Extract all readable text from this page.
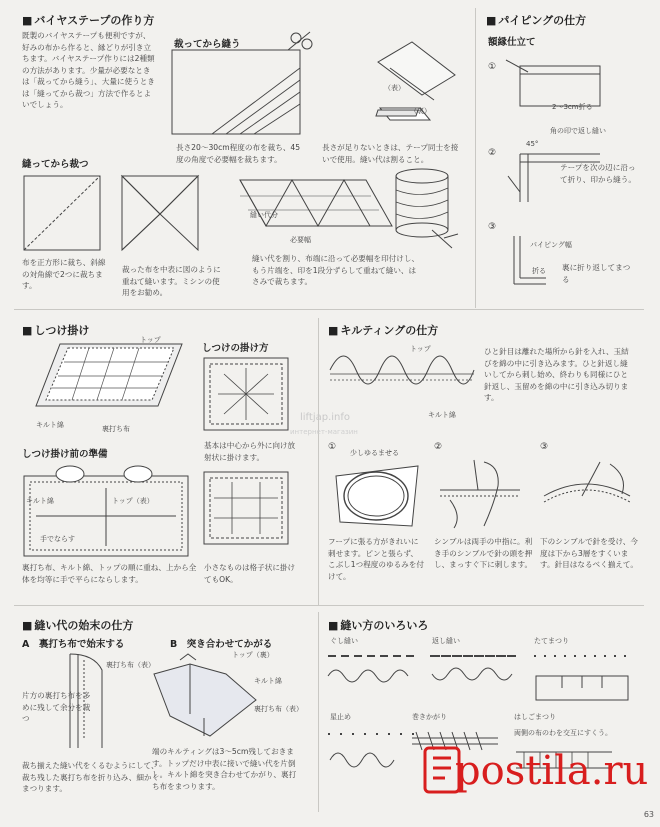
■ バイヤステープの作り方
既製のバイヤステープも便利ですが、好みの布から作ると、縁どりが引き立ちます。バイヤステープ作りには2種類の方法があります。少量が必要なときは「裁ってから縫う」、大量に使うときは「縫ってから裁つ」方法で作るとよいでしょう。
裁ってから縫う
長さ20〜30cm程度の布を裁ち、45度の角度で必要幅を裁ちます。
（表）
（裏）
長さが足りないときは、テープ同士を接いで使用。縫い代は割ること。
縫ってから裁つ
布を正方形に裁ち、斜線の対角線で2つに裁ちます。
裁った布を中表に図のように重ねて縫います。ミシンの使用をお勧め。
縫い代分
必要幅
縫い代を割り、布端に沿って必要幅を印付けし、もう片端を、印を1段分ずらして重ねて縫い、はさみで裁ちます。
■ パイピングの仕方
額縁仕立て
①
2〜3cm折る
角の印で返し縫い
②
45°
テープを次の辺に沿って折り、印から縫う。
③
パイピング幅
折る 裏に折り返してまつる
■ しつけ掛け
トップ
キルト綿	裏打ち布
しつけの掛け方
基本は中心から外に向け放射状に掛けます。
しつけ掛け前の準備
キルト綿	トップ（表）
手でならす
裏打ち布、キルト綿、トップの順に重ね、上から全体を均等に手で平らにならします。
小さなものは格子状に掛けてもOK。
■ キルティングの仕方
トップ
キルト綿
ひと針目は離れた場所から針を入れ、玉結びを綿の中に引き込みます。ひと針返し縫いしてから刺し始め、終わりも同様にひと針返し、玉留めを綿の中に引き込み切ります。
①
少しゆるませる
フープに張る方がきれいに刺せます。ピンと張らず、こぶし1つ程度のゆるみを付けて。
②
シンブルは両手の中指に。利き手のシンブルで針の頭を押し、まっすぐ下に刺します。
③
下のシンブルで針を受け、今度は下から3層をすくいます。針目はなるべく揃えて。
liftjap.info
интернет-магазин
■ 縫い代の始末の仕方
A　裏打ち布で始末する	B　突き合わせてかがる
裏打ち布（表）
片方の裏打ち布を多めに残して余分を裁つ
裁ち揃えた縫い代をくるむようにして、裁ち残した裏打ち布を折り込み、細かくまつります。
トップ（裏）
キルト綿
裏打ち布（表）
端のキルティングは3〜5cm残しておきます。トップだけ中表に接いで縫い代を片倒し。キルト綿を突き合わせてかがり、裏打ち布をまつります。
■ 縫い方のいろいろ
ぐし縫い	返し縫い	たてまつり
星止め	巻きかがり	はしごまつり
両側の布のわを交互にすくう。
postila.ru
63
